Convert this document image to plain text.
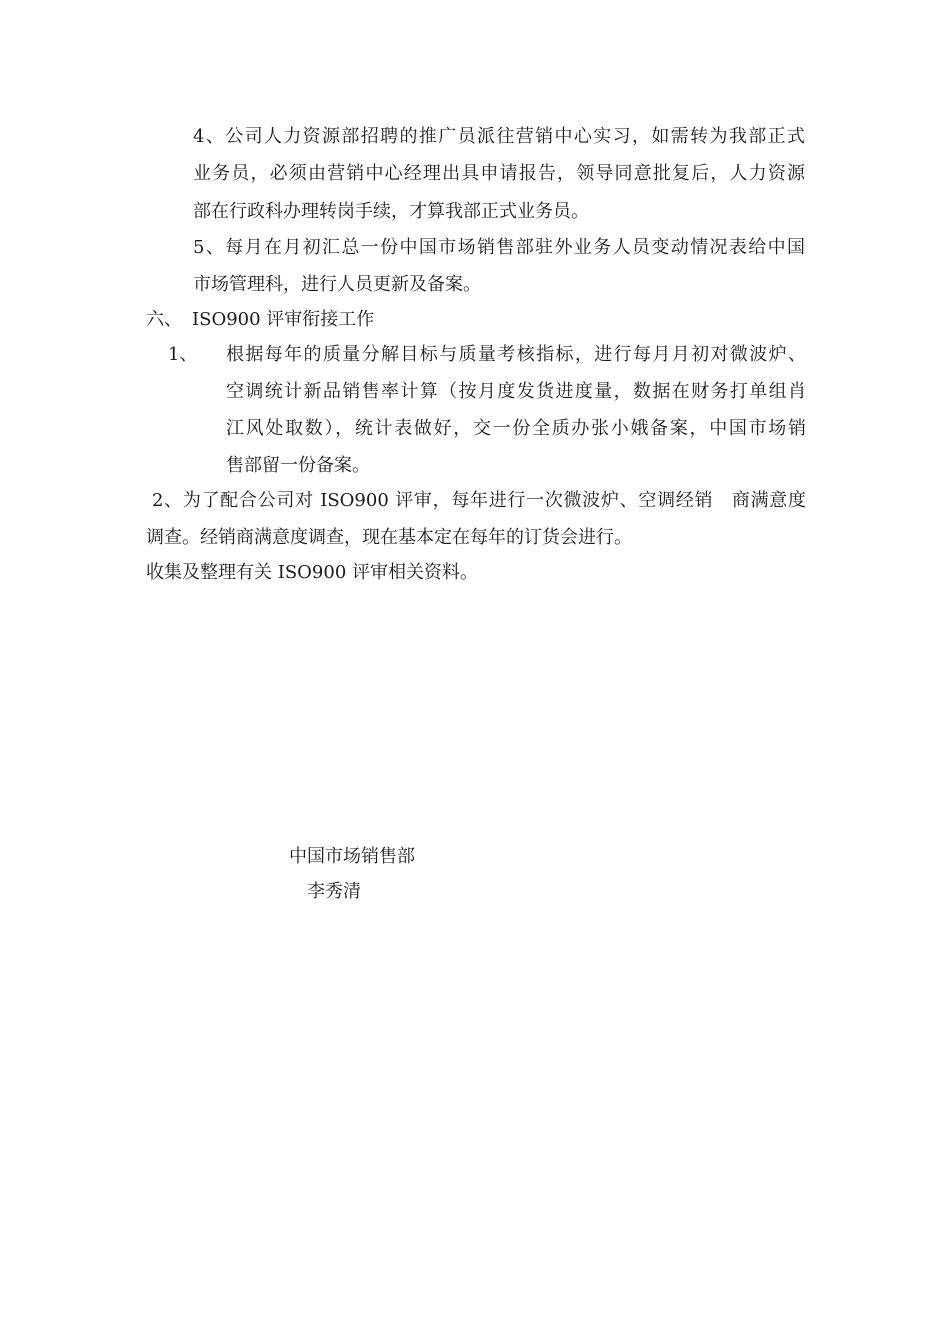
4、公司人力资源部招聘的推广员派往营销中心实习，如需转为我部正式
业务员，必须由营销中心经理出具申请报告，领导同意批复后，人力资源
部在行政科办理转岗手续，才算我部正式业务员。
5、每月在月初汇总一份中国市场销售部驻外业务人员变动情况表给中国
市场管理科，进行人员更新及备案。
六、 ISO900 评审衔接工作
1、 根据每年的质量分解目标与质量考核指标，进行每月月初对微波炉、
空调统计新品销售率计算（按月度发货进度量，数据在财务打单组肖
江风处取数），统计表做好，交一份全质办张小娥备案，中国市场销
售部留一份备案。
2、为了配合公司对 ISO900 评审，每年进行一次微波炉、空调经销　商满意度
调查。经销商满意度调查，现在基本定在每年的订货会进行。
收集及整理有关 ISO900 评审相关资料。
中国市场销售部
李秀清
